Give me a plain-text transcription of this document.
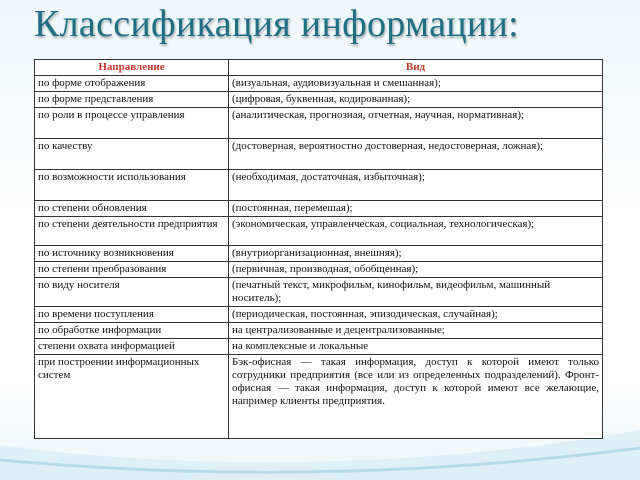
Классификация информации:
Направление	Вид
по форме отображения	(визуальная, аудиовизуальная и смешанная);
по форме представления	(цифровая, буквенная, кодированная);
по роли в процессе управления	(аналитическая, прогнозная, отчетная, научная, нормативная);
по качеству	(достоверная, вероятностно достоверная, недостоверная, ложная);
по возможности использования	(необходимая, достаточная, избыточная);
по степени обновления	(постоянная, перемешая);
по степени деятельности предприятия	(экономическая, управленческая, социальная, технологическая);
по источнику возникновения	(внутриорганизационная, внешняя);
по степени преобразования	(первичная, производная, обобщенная);
по виду носителя	(печатный текст, микрофильм, кинофильм, видеофильм, машинный носитель);
по времени поступления	(периодическая, постоянная, эпизодическая, случайная);
по обработке информации	на централизованные и децентрализованные;
степени охвата информацией	на комплексные и локальные
при построении информационных систем	Бэк-офисная — такая информация, доступ к которой имеют только сотрудники предприятия (все или из определенных подразделений). Фронт-офисная — такая информация, доступ к которой имеют все желающие, например клиенты предприятия.
